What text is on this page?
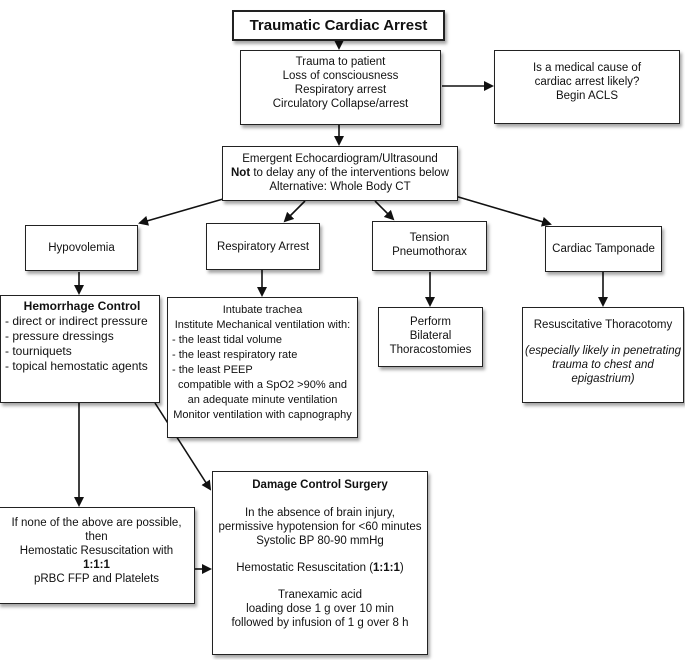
Traumatic Cardiac Arrest
Trauma to patient
Loss of consciousness
Respiratory arrest
Circulatory Collapse/arrest
Is a medical cause of
cardiac arrest likely?
Begin ACLS
Emergent Echocardiogram/Ultrasound
Not to delay any of the interventions below
Alternative: Whole Body CT
Hypovolemia	Respiratory Arrest
Tension
Pneumothorax	Cardiac Tamponade
Hemorrhage Control
- direct or indirect pressure
- pressure dressings
- tourniquets
- topical hemostatic agents
Intubate trachea
Institute Mechanical ventilation with:
- the least tidal volume
- the least respiratory rate
- the least PEEP
compatible with a SpO2 >90% and
an adequate minute ventilation
Monitor ventilation with capnography
Perform
Bilateral
Thoracostomies
Resuscitative Thoracotomy
(especially likely in penetrating
trauma to chest and
epigastrium)
If none of the above are possible,
then
Hemostatic Resuscitation with
1:1:1
pRBC FFP and Platelets
Damage Control Surgery
In the absence of brain injury,
permissive hypotension for <60 minutes
Systolic BP 80-90 mmHg
Hemostatic Resuscitation (1:1:1)
Tranexamic acid
loading dose 1 g over 10 min
followed by infusion of 1 g over 8 h
